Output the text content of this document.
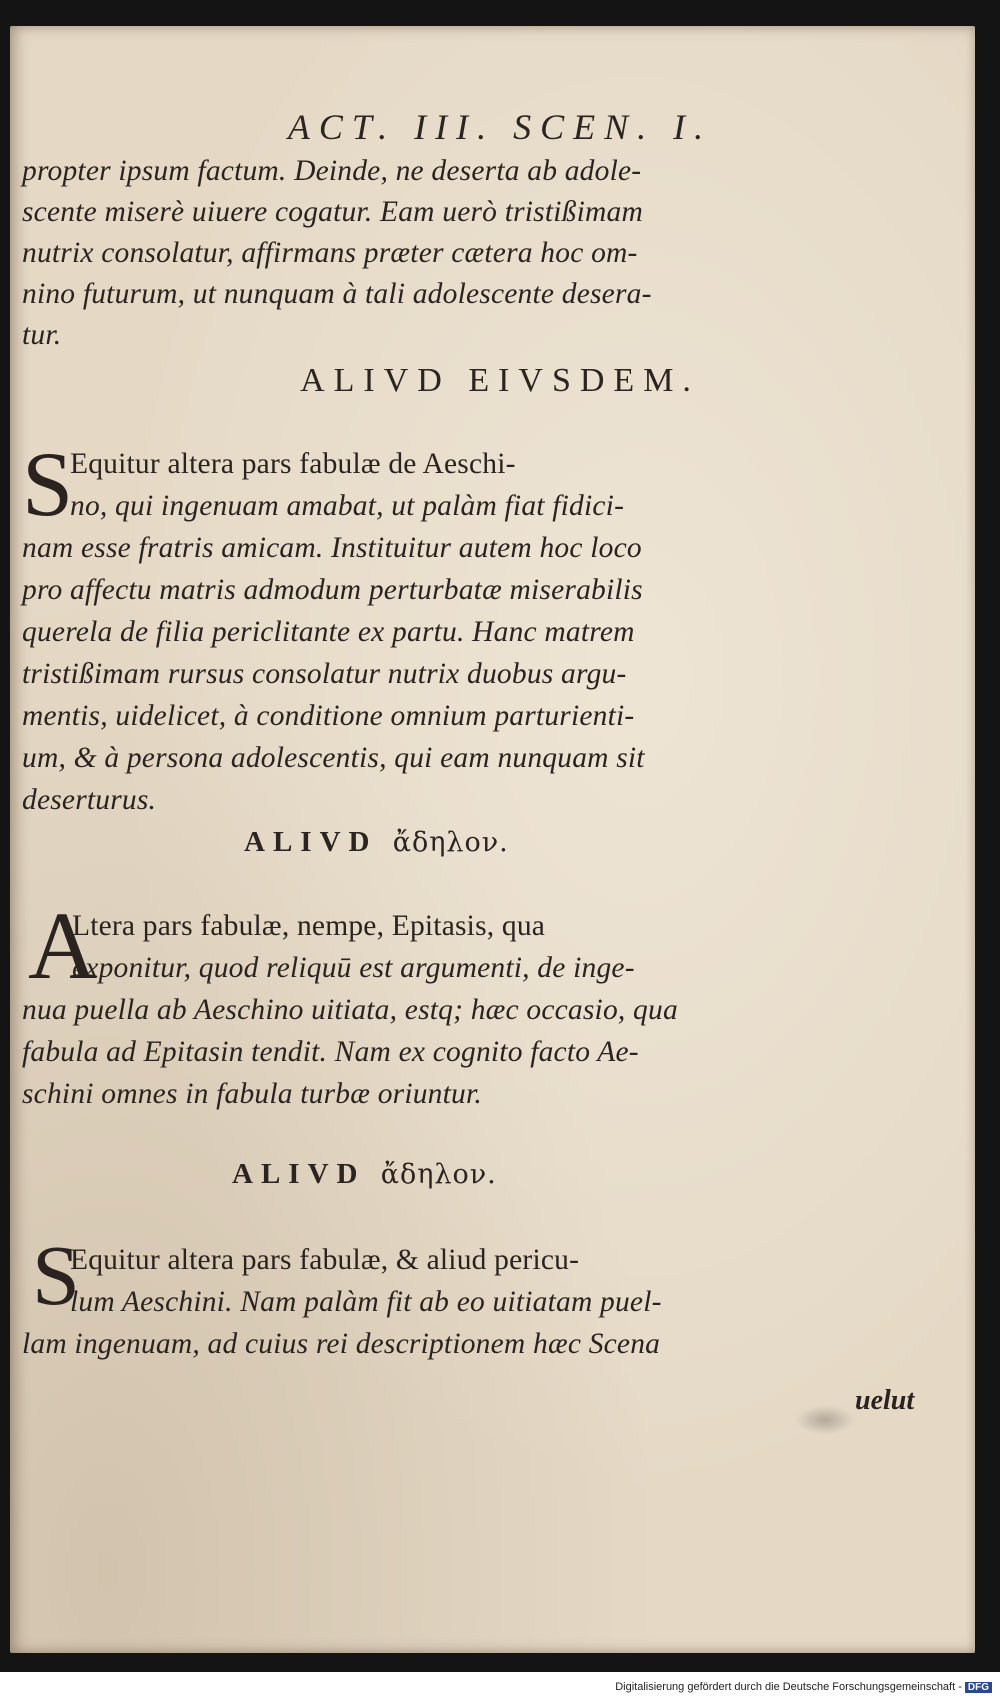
ACT. III. SCEN. I.
propter ipsum factum. Deinde, ne deserta ab adole-
scente miserè uiuere cogatur. Eam uerò tristißimam
nutrix consolatur, affirmans præter cætera hoc om-
nino futurum, ut nunquam à tali adolescente desera-
tur.
ALIVD EIVSDEM.
S
Equitur altera pars fabulæ de Aeschi-
no, qui ingenuam amabat, ut palàm fiat fidici-
nam esse fratris amicam. Instituitur autem hoc loco
pro affectu matris admodum perturbatæ miserabilis
querela de filia periclitante ex partu. Hanc matrem
tristißimam rursus consolatur nutrix duobus argu-
mentis, uidelicet, à conditione omnium parturienti-
um, & à persona adolescentis, qui eam nunquam sit
deserturus.
ALIVD ἄδηλον.
A
Ltera pars fabulæ, nempe, Epitasis, qua
exponitur, quod reliquū est argumenti, de inge-
nua puella ab Aeschino uitiata, estq; hæc occasio, qua
fabula ad Epitasin tendit. Nam ex cognito facto Ae-
schini omnes in fabula turbæ oriuntur.
ALIVD ἄδηλον.
S
Equitur altera pars fabulæ, & aliud pericu-
lum Aeschini. Nam palàm fit ab eo uitiatam puel-
lam ingenuam, ad cuius rei descriptionem hæc Scena
uelut
Digitalisierung gefördert durch die Deutsche Forschungsgemeinschaft - DFG
